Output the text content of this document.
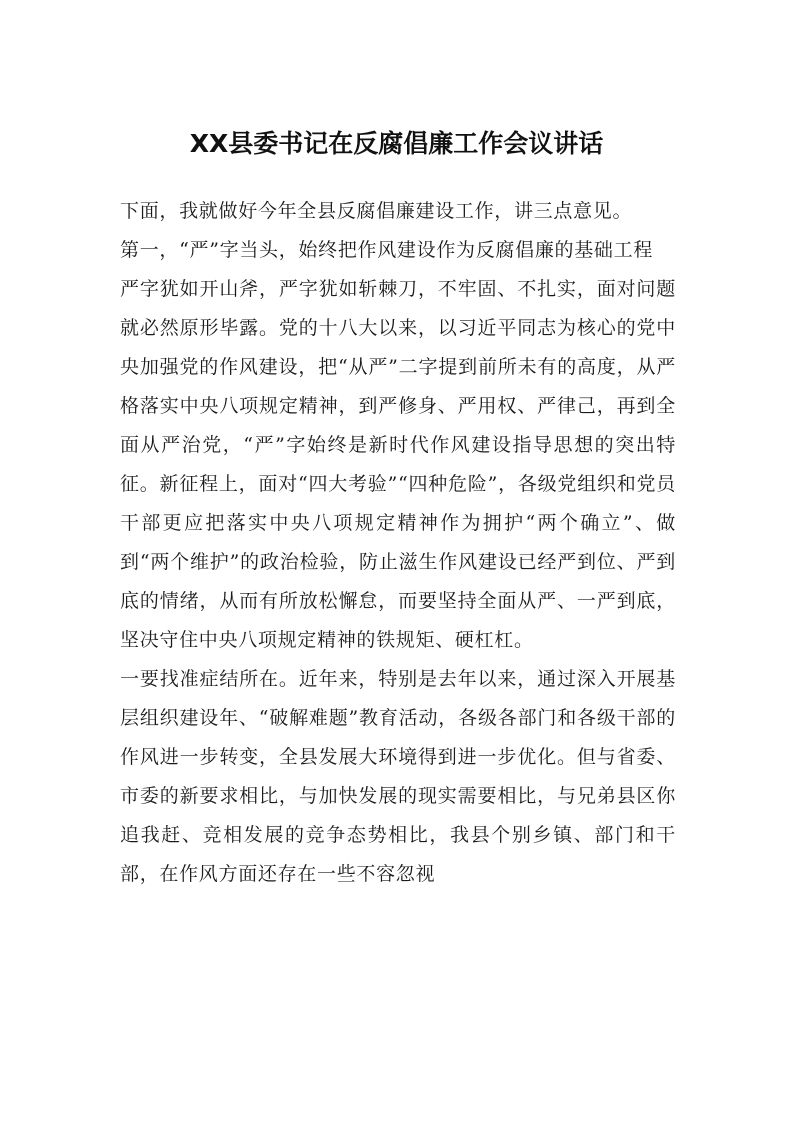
XX县委书记在反腐倡廉工作会议讲话

下面，我就做好今年全县反腐倡廉建设工作，讲三点意见。

第一，“严”字当头，始终把作风建设作为反腐倡廉的基础工程

严字犹如开山斧，严字犹如斩棘刀，不牢固、不扎实，面对问题就必然原形毕露。党的十八大以来，以习近平同志为核心的党中央加强党的作风建设，把“从严”二字提到前所未有的高度，从严格落实中央八项规定精神，到严修身、严用权、严律己，再到全面从严治党，“严”字始终是新时代作风建设指导思想的突出特征。新征程上，面对“四大考验”“四种危险”，各级党组织和党员干部更应把落实中央八项规定精神作为拥护“两个确立”、做到“两个维护”的政治检验，防止滋生作风建设已经严到位、严到底的情绪，从而有所放松懈怠，而要坚持全面从严、一严到底，坚决守住中央八项规定精神的铁规矩、硬杠杠。

一要找准症结所在。近年来，特别是去年以来，通过深入开展基层组织建设年、“破解难题”教育活动，各级各部门和各级干部的作风进一步转变，全县发展大环境得到进一步优化。但与省委、市委的新要求相比，与加快发展的现实需要相比，与兄弟县区你追我赶、竞相发展的竞争态势相比，我县个别乡镇、部门和干部，在作风方面还存在一些不容忽视
